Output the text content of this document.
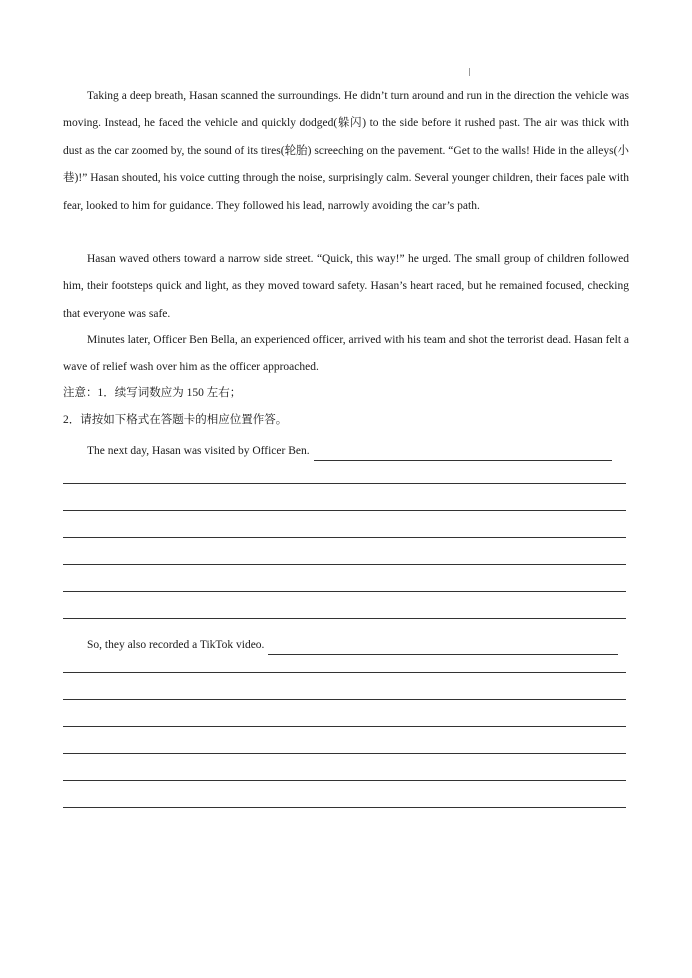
Taking a deep breath, Hasan scanned the surroundings. He didn’t turn around and run in the direction the vehicle was moving. Instead, he faced the vehicle and quickly dodged(躲闪) to the side before it rushed past. The air was thick with dust as the car zoomed by, the sound of its tires(轮胎) screeching on the pavement. “Get to the walls! Hide in the alleys(小巷)!” Hasan shouted, his voice cutting through the noise, surprisingly calm. Several younger children, their faces pale with fear, looked to him for guidance. They followed his lead, narrowly avoiding the car’s path.

Hasan waved others toward a narrow side street. “Quick, this way!” he urged. The small group of children followed him, their footsteps quick and light, as they moved toward safety. Hasan’s heart raced, but he remained focused, checking that everyone was safe.

Minutes later, Officer Ben Bella, an experienced officer, arrived with his team and shot the terrorist dead. Hasan felt a wave of relief wash over him as the officer approached.

注意：1．续写词数应为 150 左右；

2．请按如下格式在答题卡的相应位置作答。

The next day, Hasan was visited by Officer Ben.
So, they also recorded a TikTok video.
